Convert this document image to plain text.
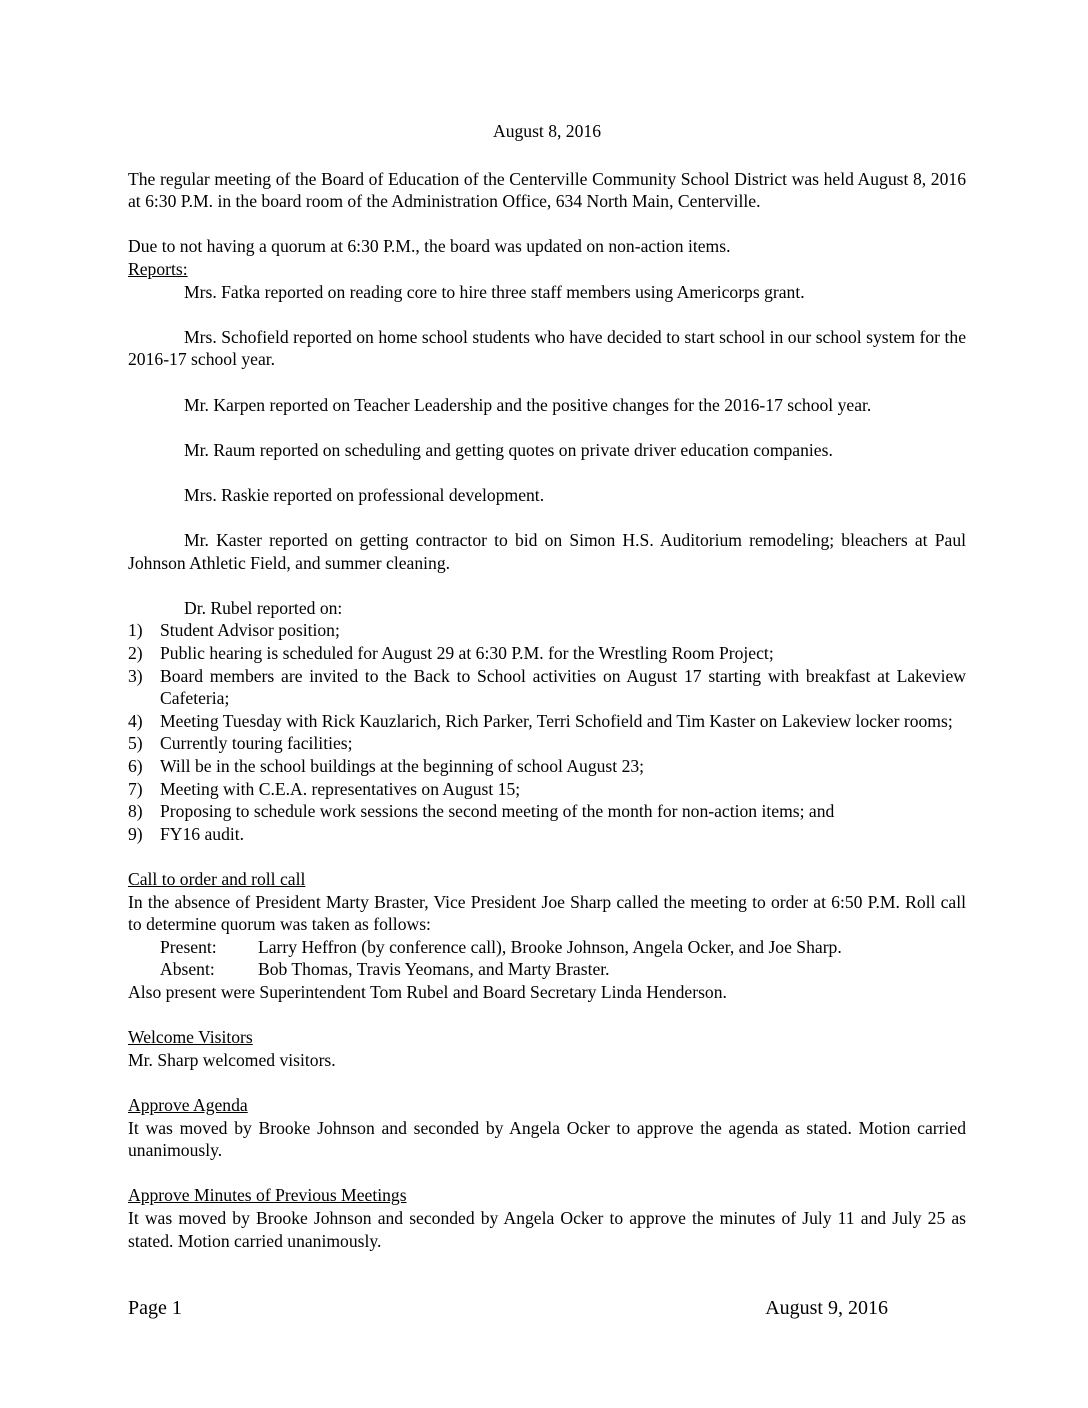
August 8, 2016

The regular meeting of the Board of Education of the Centerville Community School District was held August 8, 2016 at 6:30 P.M. in the board room of the Administration Office, 634 North Main, Centerville.

Due to not having a quorum at 6:30 P.M., the board was updated on non-action items.

Reports:

Mrs. Fatka reported on reading core to hire three staff members using Americorps grant.

Mrs. Schofield reported on home school students who have decided to start school in our school system for the 2016-17 school year.

Mr. Karpen reported on Teacher Leadership and the positive changes for the 2016-17 school year.

Mr. Raum reported on scheduling and getting quotes on private driver education companies.

Mrs. Raskie reported on professional development.

Mr. Kaster reported on getting contractor to bid on Simon H.S. Auditorium remodeling; bleachers at Paul Johnson Athletic Field, and summer cleaning.

Dr. Rubel reported on:

1) Student Advisor position;
2) Public hearing is scheduled for August 29 at 6:30 P.M. for the Wrestling Room Project;
3) Board members are invited to the Back to School activities on August 17 starting with breakfast at Lakeview Cafeteria;
4) Meeting Tuesday with Rick Kauzlarich, Rich Parker, Terri Schofield and Tim Kaster on Lakeview locker rooms;
5) Currently touring facilities;
6) Will be in the school buildings at the beginning of school August 23;
7) Meeting with C.E.A. representatives on August 15;
8) Proposing to schedule work sessions the second meeting of the month for non-action items; and
9) FY16 audit.

Call to order and roll call

In the absence of President Marty Braster, Vice President Joe Sharp called the meeting to order at 6:50 P.M. Roll call to determine quorum was taken as follows:

Present: Larry Heffron (by conference call), Brooke Johnson, Angela Ocker, and Joe Sharp.

Absent: Bob Thomas, Travis Yeomans, and Marty Braster.

Also present were Superintendent Tom Rubel and Board Secretary Linda Henderson.

Welcome Visitors

Mr. Sharp welcomed visitors.

Approve Agenda

It was moved by Brooke Johnson and seconded by Angela Ocker to approve the agenda as stated. Motion carried unanimously.

Approve Minutes of Previous Meetings

It was moved by Brooke Johnson and seconded by Angela Ocker to approve the minutes of July 11 and July 25 as stated. Motion carried unanimously.

Page 1	August 9, 2016
